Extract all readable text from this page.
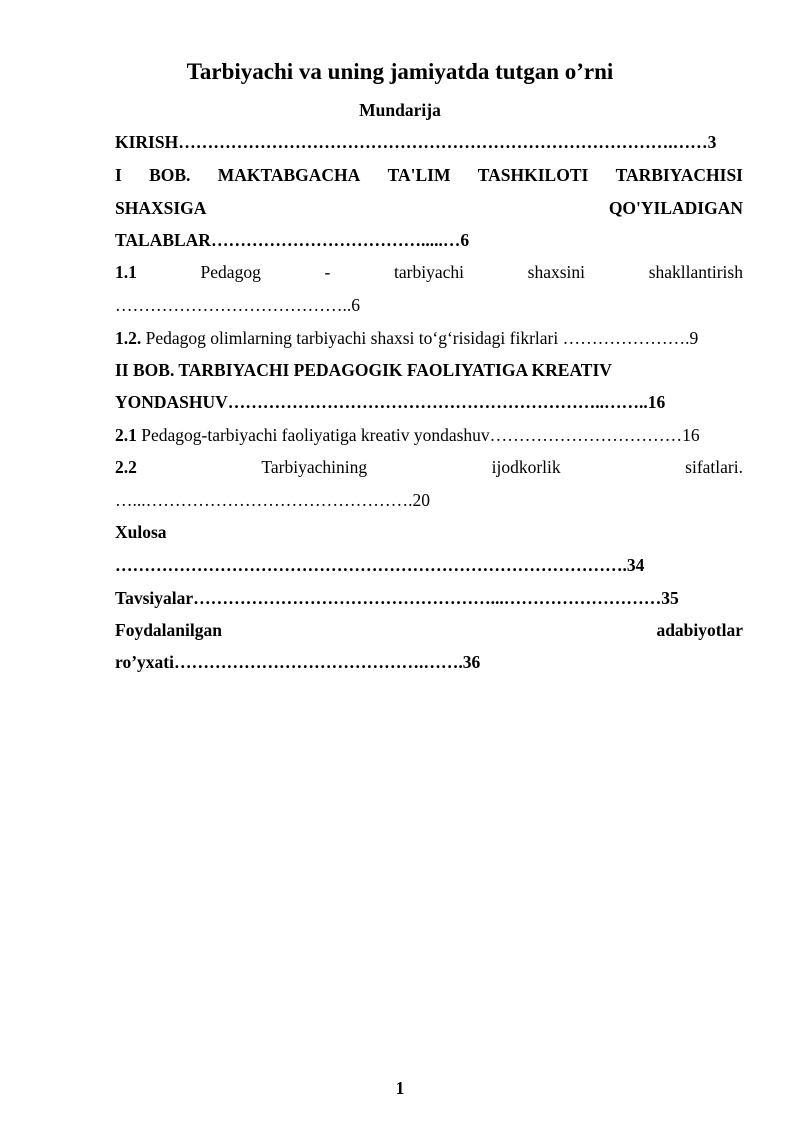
Tarbiyachi va uning jamiyatda tutgan o’rni
Mundarija
KIRISH………………………………………………………………………….……3
I BOB. MAKTABGACHA TA'LIM TASHKILOTI TARBIYACHISI
SHAXSIGA	QO'YILADIGAN
TALABLAR……………………………….....…6
1.1	Pedagog	-	tarbiyachi	shaxsini	shakllantirish
…………………………………..6
1.2. Pedagog olimlarning tarbiyachi shaxsi to‘g‘risidagi fikrlari ………………….9
II BOB. TARBIYACHI PEDAGOGIK FAOLIYATIGA KREATIV
YONDASHUV………………………………………………………..……..16
2.1 Pedagog-tarbiyachi faoliyatiga kreativ yondashuv……………………………16
2.2	Tarbiyachining	ijodkorlik	sifatlari.
…...……………………………………….20
Xulosa
…………………………………………………………………………….34
Tavsiyalar……………………………………………...………………………35
Foydalanilgan	adabiyotlar
ro’yxati…………………………………….…….36
1
